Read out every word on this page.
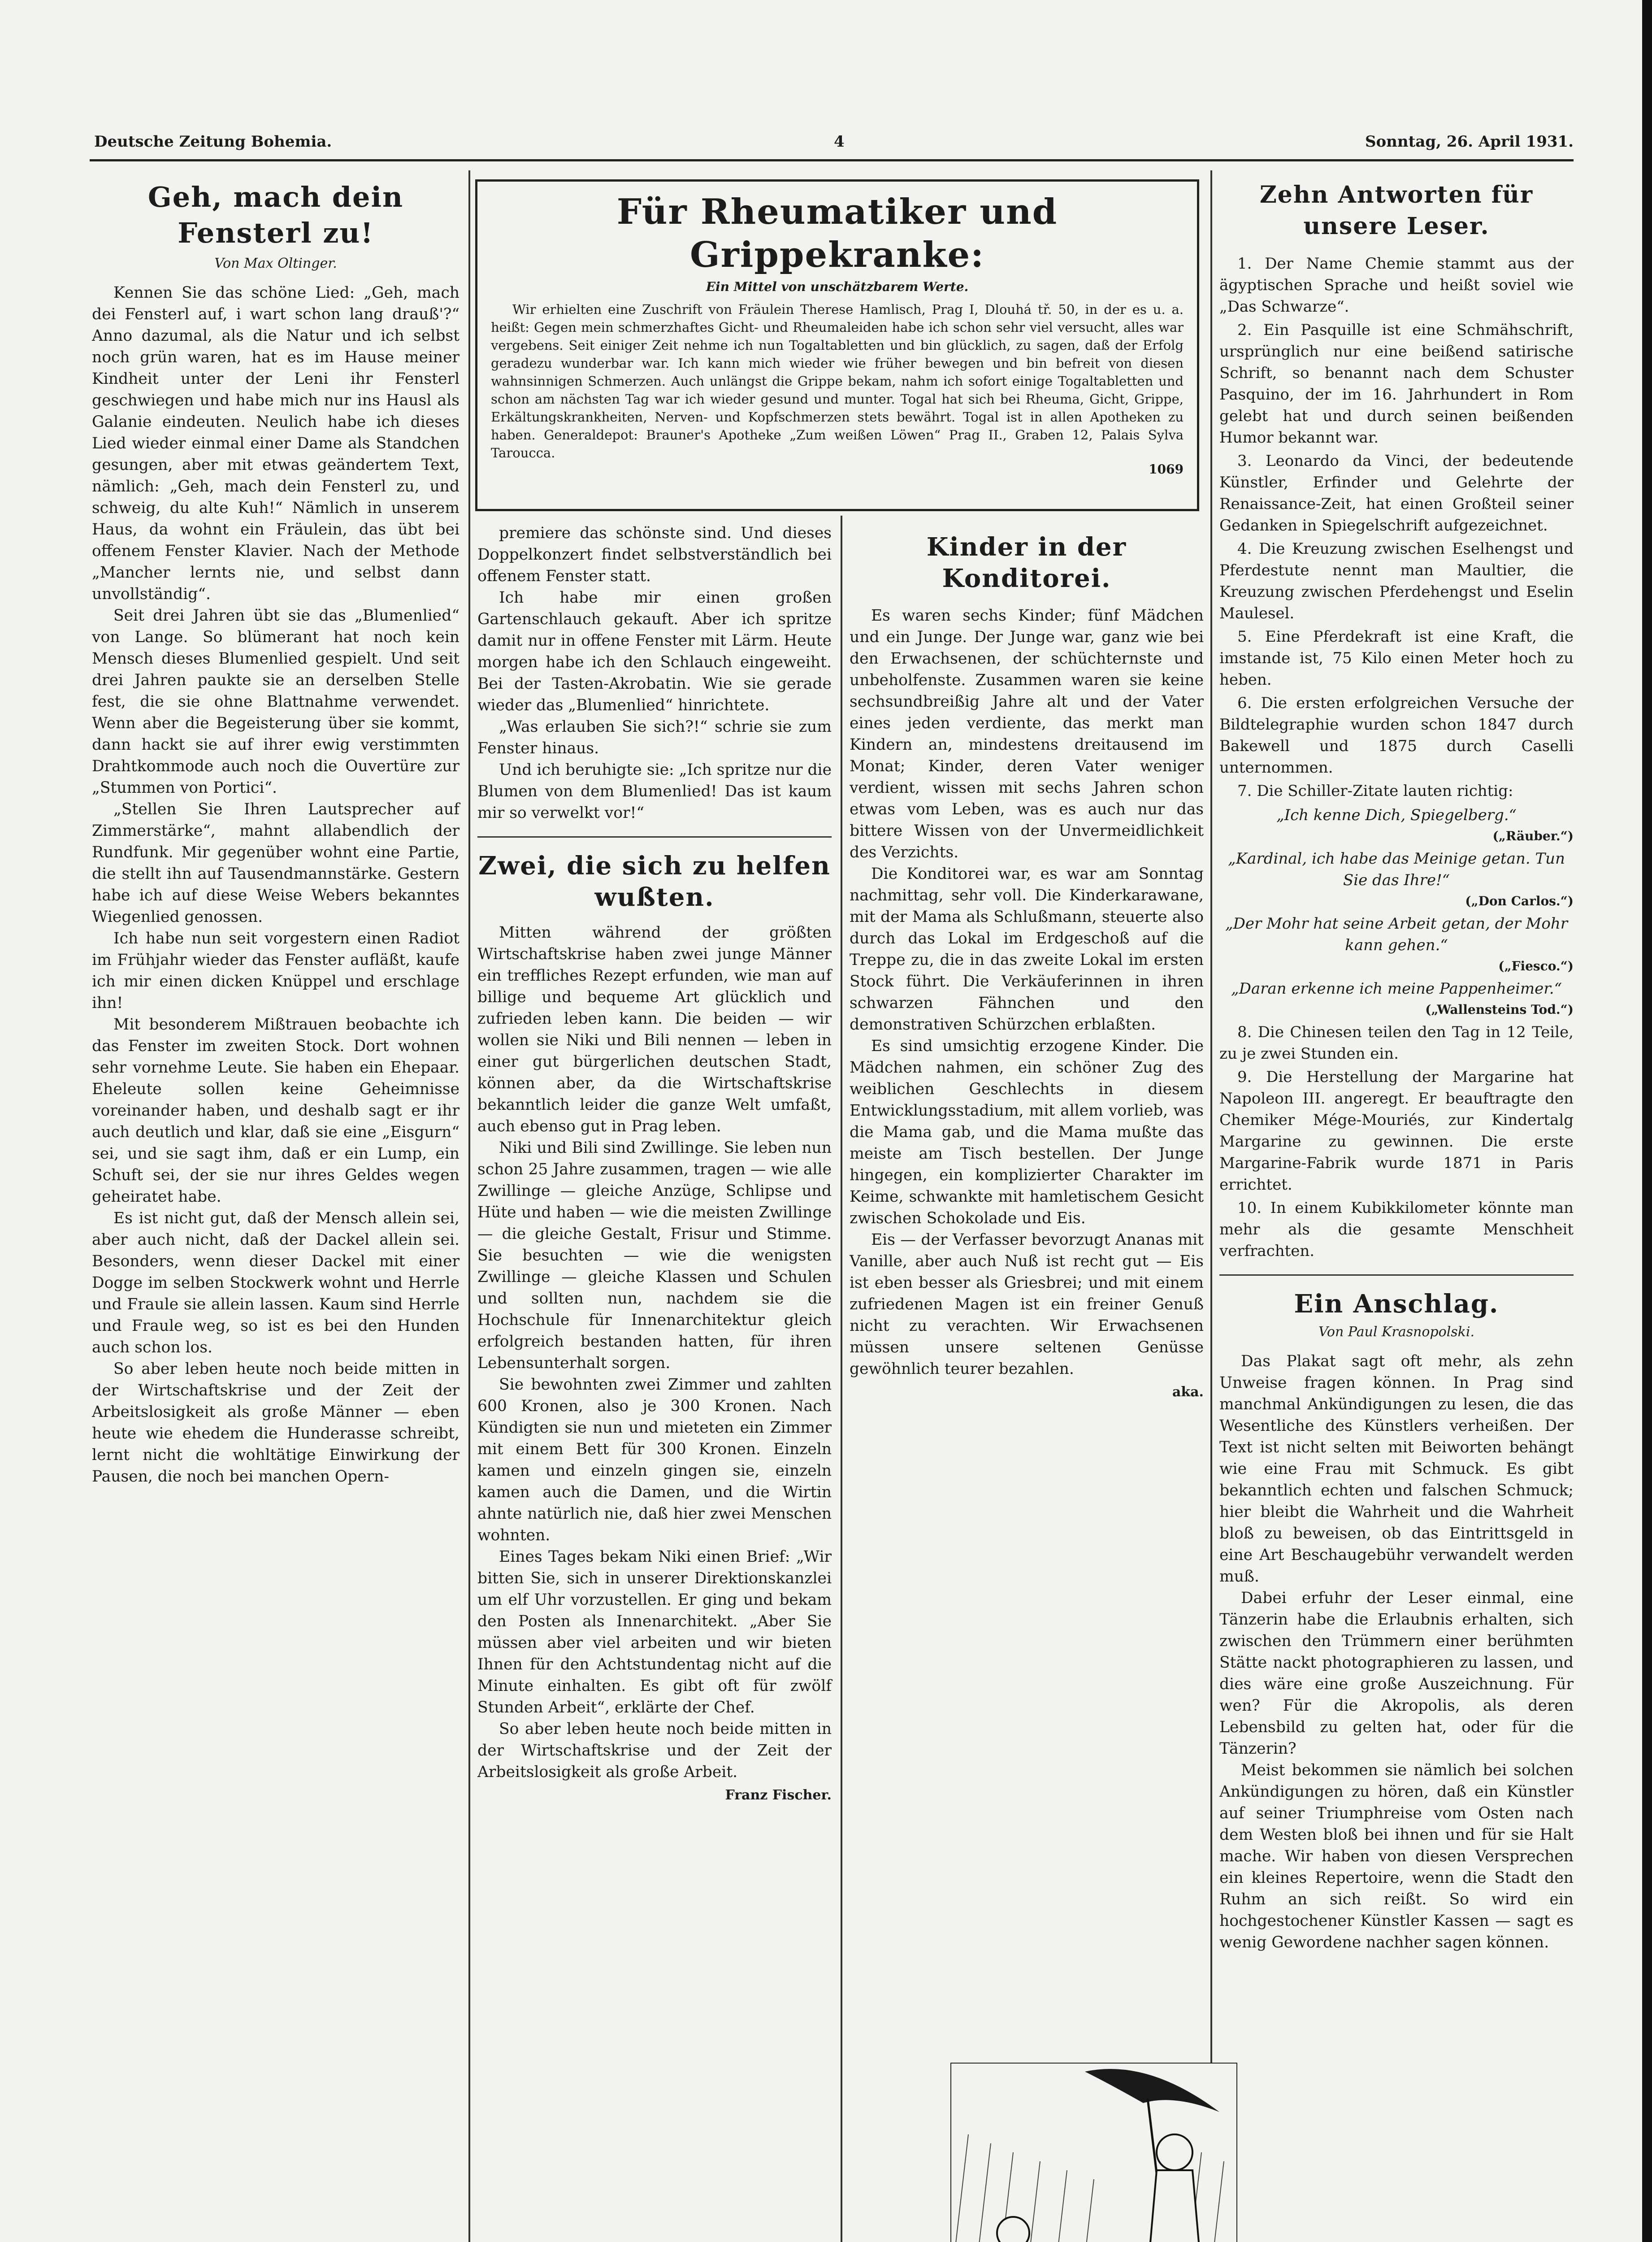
Deutsche Zeitung Bohemia.	4	Sonntag, 26. April 1931.
Geh, mach dein Fensterl zu!
Von Max Oltinger.

Kennen Sie das schöne Lied: „Geh, mach dei Fensterl auf, i wart schon lang drauß'?“ Anno dazumal, als die Natur und ich selbst noch grün waren, hat es im Hause meiner Kindheit unter der Leni ihr Fensterl geschwiegen und habe mich nur ins Hausl als Galanie eindeuten. Neulich habe ich dieses Lied wieder einmal einer Dame als Standchen gesungen, aber mit etwas geändertem Text, nämlich: „Geh, mach dein Fensterl zu, und schweig, du alte Kuh!“ Nämlich in unserem Haus, da wohnt ein Fräulein, das übt bei offenem Fenster Klavier. Nach der Methode „Mancher lernts nie, und selbst dann unvollständig“.

Seit drei Jahren übt sie das „Blumenlied“ von Lange. So blümerant hat noch kein Mensch dieses Blumenlied gespielt. Und seit drei Jahren paukte sie an derselben Stelle fest, die sie ohne Blattnahme verwendet. Wenn aber die Begeisterung über sie kommt, dann hackt sie auf ihrer ewig verstimmten Drahtkommode auch noch die Ouvertüre zur „Stummen von Portici“.

„Stellen Sie Ihren Lautsprecher auf Zimmerstärke“, mahnt allabendlich der Rundfunk. Mir gegenüber wohnt eine Partie, die stellt ihn auf Tausendmannstärke. Gestern habe ich auf diese Weise Webers bekanntes Wiegenlied genossen.

Ich habe nun seit vorgestern einen Radiot im Frühjahr wieder das Fenster aufläßt, kaufe ich mir einen dicken Knüppel und erschlage ihn!

Mit besonderem Mißtrauen beobachte ich das Fenster im zweiten Stock. Dort wohnen sehr vornehme Leute. Sie haben ein Ehepaar. Eheleute sollen keine Geheimnisse voreinander haben, und deshalb sagt er ihr auch deutlich und klar, daß sie eine „Eisgurn“ sei, und sie sagt ihm, daß er ein Lump, ein Schuft sei, der sie nur ihres Geldes wegen geheiratet habe.

Es ist nicht gut, daß der Mensch allein sei, aber auch nicht, daß der Dackel allein sei. Besonders, wenn dieser Dackel mit einer Dogge im selben Stockwerk wohnt und Herrle und Fraule sie allein lassen. Kaum sind Herrle und Fraule weg, so ist es bei den Hunden auch schon los.

So aber leben heute noch beide mitten in der Wirtschaftskrise und der Zeit der Arbeitslosigkeit als große Männer — eben heute wie ehedem die Hunderasse schreibt, lernt nicht die wohltätige Einwirkung der Pausen, die noch bei manchen Opern-

Für Rheumatiker und Grippekranke:
Ein Mittel von unschätzbarem Werte.

Wir erhielten eine Zuschrift von Fräulein Therese Hamlisch, Prag I, Dlouhá tř. 50, in der es u. a. heißt: Gegen mein schmerzhaftes Gicht- und Rheumaleiden habe ich schon sehr viel versucht, alles war vergebens. Seit einiger Zeit nehme ich nun Togaltabletten und bin glücklich, zu sagen, daß der Erfolg geradezu wunderbar war. Ich kann mich wieder wie früher bewegen und bin befreit von diesen wahnsinnigen Schmerzen. Auch unlängst die Grippe bekam, nahm ich sofort einige Togaltabletten und schon am nächsten Tag war ich wieder gesund und munter. Togal hat sich bei Rheuma, Gicht, Grippe, Erkältungskrankheiten, Nerven- und Kopfschmerzen stets bewährt. Togal ist in allen Apotheken zu haben. Generaldepot: Brauner's Apotheke „Zum weißen Löwen“ Prag II., Graben 12, Palais Sylva Taroucca.

1069

premiere das schönste sind. Und dieses Doppelkonzert findet selbstverständlich bei offenem Fenster statt.

Ich habe mir einen großen Gartenschlauch gekauft. Aber ich spritze damit nur in offene Fenster mit Lärm. Heute morgen habe ich den Schlauch eingeweiht. Bei der Tasten-Akrobatin. Wie sie gerade wieder das „Blumenlied“ hinrichtete.

„Was erlauben Sie sich?!“ schrie sie zum Fenster hinaus.

Und ich beruhigte sie: „Ich spritze nur die Blumen von dem Blumenlied! Das ist kaum mir so verwelkt vor!“

Zwei, die sich zu helfen wußten.

Mitten während der größten Wirtschaftskrise haben zwei junge Männer ein treffliches Rezept erfunden, wie man auf billige und bequeme Art glücklich und zufrieden leben kann. Die beiden — wir wollen sie Niki und Bili nennen — leben in einer gut bürgerlichen deutschen Stadt, können aber, da die Wirtschaftskrise bekanntlich leider die ganze Welt umfaßt, auch ebenso gut in Prag leben.

Niki und Bili sind Zwillinge. Sie leben nun schon 25 Jahre zusammen, tragen — wie alle Zwillinge — gleiche Anzüge, Schlipse und Hüte und haben — wie die meisten Zwillinge — die gleiche Gestalt, Frisur und Stimme. Sie besuchten — wie die wenigsten Zwillinge — gleiche Klassen und Schulen und sollten nun, nachdem sie die Hochschule für Innenarchitektur gleich erfolgreich bestanden hatten, für ihren Lebensunterhalt sorgen.

Sie bewohnten zwei Zimmer und zahlten 600 Kronen, also je 300 Kronen. Nach Kündigten sie nun und mieteten ein Zimmer mit einem Bett für 300 Kronen. Einzeln kamen und einzeln gingen sie, einzeln kamen auch die Damen, und die Wirtin ahnte natürlich nie, daß hier zwei Menschen wohnten.

Eines Tages bekam Niki einen Brief: „Wir bitten Sie, sich in unserer Direktionskanzlei um elf Uhr vorzustellen. Er ging und bekam den Posten als Innenarchitekt. „Aber Sie müssen aber viel arbeiten und wir bieten Ihnen für den Achtstundentag nicht auf die Minute einhalten. Es gibt oft für zwölf Stunden Arbeit“, erklärte der Chef.

So aber leben heute noch beide mitten in der Wirtschaftskrise und der Zeit der Arbeitslosigkeit als große Arbeit.

Franz Fischer.
Kinder in der Konditorei.

Es waren sechs Kinder; fünf Mädchen und ein Junge. Der Junge war, ganz wie bei den Erwachsenen, der schüchternste und unbeholfenste. Zusammen waren sie keine sechsundbreißig Jahre alt und der Vater eines jeden verdiente, das merkt man Kindern an, mindestens dreitausend im Monat; Kinder, deren Vater weniger verdient, wissen mit sechs Jahren schon etwas vom Leben, was es auch nur das bittere Wissen von der Unvermeidlichkeit des Verzichts.

Die Konditorei war, es war am Sonntag nachmittag, sehr voll. Die Kinderkarawane, mit der Mama als Schlußmann, steuerte also durch das Lokal im Erdgeschoß auf die Treppe zu, die in das zweite Lokal im ersten Stock führt. Die Verkäuferinnen in ihren schwarzen Fähnchen und den demonstrativen Schürzchen erblaßten.

Es sind umsichtig erzogene Kinder. Die Mädchen nahmen, ein schöner Zug des weiblichen Geschlechts in diesem Entwicklungsstadium, mit allem vorlieb, was die Mama gab, und die Mama mußte das meiste am Tisch bestellen. Der Junge hingegen, ein komplizierter Charakter im Keime, schwankte mit hamletischem Gesicht zwischen Schokolade und Eis.

Eis — der Verfasser bevorzugt Ananas mit Vanille, aber auch Nuß ist recht gut — Eis ist eben besser als Griesbrei; und mit einem zufriedenen Magen ist ein freiner Genuß nicht zu verachten. Wir Erwachsenen müssen unsere seltenen Genüsse gewöhnlich teurer bezahlen.

aka.

Zehn Antworten für unsere Leser.

1. Der Name Chemie stammt aus der ägyptischen Sprache und heißt soviel wie „Das Schwarze“.

2. Ein Pasquille ist eine Schmähschrift, ursprünglich nur eine beißend satirische Schrift, so benannt nach dem Schuster Pasquino, der im 16. Jahrhundert in Rom gelebt hat und durch seinen beißenden Humor bekannt war.

3. Leonardo da Vinci, der bedeutende Künstler, Erfinder und Gelehrte der Renaissance-Zeit, hat einen Großteil seiner Gedanken in Spiegelschrift aufgezeichnet.

4. Die Kreuzung zwischen Eselhengst und Pferdestute nennt man Maultier, die Kreuzung zwischen Pferdehengst und Eselin Maulesel.

5. Eine Pferdekraft ist eine Kraft, die imstande ist, 75 Kilo einen Meter hoch zu heben.

6. Die ersten erfolgreichen Versuche der Bildtelegraphie wurden schon 1847 durch Bakewell und 1875 durch Caselli unternommen.

7. Die Schiller-Zitate lauten richtig:

„Ich kenne Dich, Spiegelberg.“
(„Räuber.“)
„Kardinal, ich habe das Meinige getan. Tun Sie das Ihre!“
(„Don Carlos.“)
„Der Mohr hat seine Arbeit getan, der Mohr kann gehen.“
(„Fiesco.“)
„Daran erkenne ich meine Pappenheimer.“
(„Wallensteins Tod.“)

8. Die Chinesen teilen den Tag in 12 Teile, zu je zwei Stunden ein.

9. Die Herstellung der Margarine hat Napoleon III. angeregt. Er beauftragte den Chemiker Mége-Mouriés, zur Kindertalg Margarine zu gewinnen. Die erste Margarine-Fabrik wurde 1871 in Paris errichtet.

10. In einem Kubikkilometer könnte man mehr als die gesamte Menschheit verfrachten.

Ein Anschlag.
Von Paul Krasnopolski.

Das Plakat sagt oft mehr, als zehn Unweise fragen können. In Prag sind manchmal Ankündigungen zu lesen, die das Wesentliche des Künstlers verheißen. Der Text ist nicht selten mit Beiworten behängt wie eine Frau mit Schmuck. Es gibt bekanntlich echten und falschen Schmuck; hier bleibt die Wahrheit und die Wahrheit bloß zu beweisen, ob das Eintrittsgeld in eine Art Beschaugebühr verwandelt werden muß.

Dabei erfuhr der Leser einmal, eine Tänzerin habe die Erlaubnis erhalten, sich zwischen den Trümmern einer berühmten Stätte nackt photographieren zu lassen, und dies wäre eine große Auszeichnung. Für wen? Für die Akropolis, als deren Lebensbild zu gelten hat, oder für die Tänzerin?

Meist bekommen sie nämlich bei solchen Ankündigungen zu hören, daß ein Künstler auf seiner Triumphreise vom Osten nach dem Westen bloß bei ihnen und für sie Halt mache. Wir haben von diesen Versprechen ein kleines Repertoire, wenn die Stadt den Ruhm an sich reißt. So wird ein hochgestochener Künstler Kassen — sagt es wenig Gewordene nachher sagen können.
